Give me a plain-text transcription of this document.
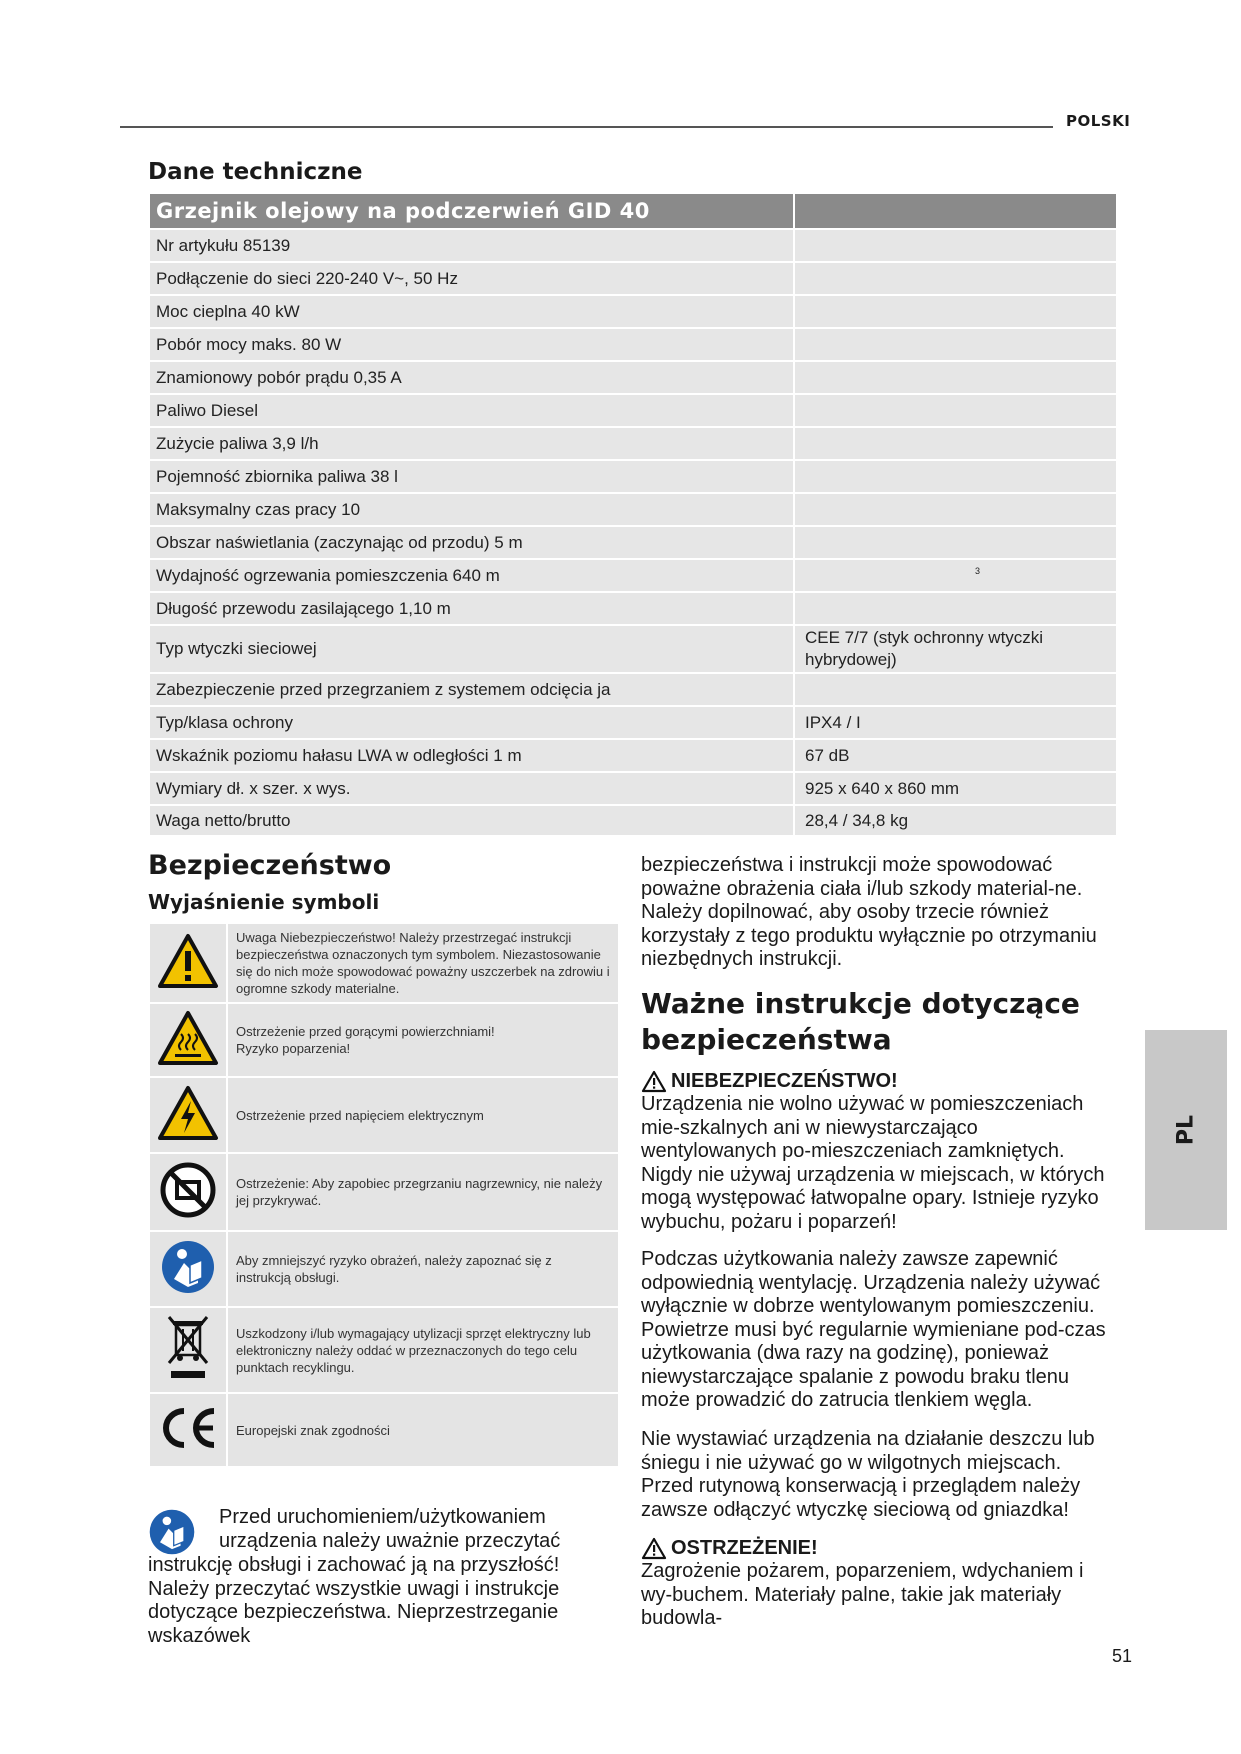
POLSKI
Dane techniczne
Grzejnik olejowy na podczerwień GID 40	
Nr artykułu 85139	
Podłączenie do sieci 220-240 V~, 50 Hz	
Moc cieplna 40 kW	
Pobór mocy maks. 80 W	
Znamionowy pobór prądu 0,35 A	
Paliwo Diesel	
Zużycie paliwa 3,9 l/h	
Pojemność zbiornika paliwa 38 l	
Maksymalny czas pracy 10	
Obszar naświetlania (zaczynając od przodu) 5 m	
Wydajność ogrzewania pomieszczenia 640 m	3
Długość przewodu zasilającego 1,10 m	
Typ wtyczki sieciowej	CEE 7/7 (styk ochronny wtyczki hybrydowej)
Zabezpieczenie przed przegrzaniem z systemem odcięcia ja	
Typ/klasa ochrony	IPX4 / I
Wskaźnik poziomu hałasu LWA w odległości 1 m	67 dB
Wymiary dł. x szer. x wys.	925 x 640 x 860 mm
Waga netto/brutto	28,4 / 34,8 kg
Bezpieczeństwo
Wyjaśnienie symboli
	Uwaga Niebezpieczeństwo! Należy przestrzegać instrukcji bezpieczeństwa oznaczonych tym symbolem. Niezastosowanie się do nich może spowodować poważny uszczerbek na zdrowiu i ogromne szkody materialne.
	Ostrzeżenie przed gorącymi powierzchniami!
Ryzyko poparzenia!
	Ostrzeżenie przed napięciem elektrycznym
	Ostrzeżenie: Aby zapobiec przegrzaniu nagrzewnicy, nie należy jej przykrywać.
	Aby zmniejszyć ryzyko obrażeń, należy zapoznać się z instrukcją obsługi.
	Uszkodzony i/lub wymagający utylizacji sprzęt elektryczny lub elektroniczny należy oddać w przeznaczonych do tego celu punktach recyklingu.
	Europejski znak zgodności
Przed uruchomieniem/użytkowaniem
urządzenia należy uważnie przeczytać
instrukcję obsługi i zachować ją na przyszłość! Należy przeczytać wszystkie uwagi i instrukcje dotyczące bezpieczeństwa. Nieprzestrzeganie wskazówek
bezpieczeństwa i instrukcji może spowodować poważne obrażenia ciała i/lub szkody material-ne. Należy dopilnować, aby osoby trzecie również korzystały z tego produktu wyłącznie po otrzymaniu niezbędnych instrukcji.
Ważne instrukcje dotyczące
bezpieczeństwa
NIEBEZPIECZEŃSTWO!
Urządzenia nie wolno używać w pomieszczeniach mie-szkalnych ani w niewystarczająco wentylowanych po-mieszczeniach zamkniętych. Nigdy nie używaj urządzenia w miejscach, w których mogą występować łatwopalne opary. Istnieje ryzyko wybuchu, pożaru i poparzeń!
Podczas użytkowania należy zawsze zapewnić odpowiednią wentylację. Urządzenia należy używać wyłącznie w dobrze wentylowanym pomieszczeniu. Powietrze musi być regularnie wymieniane pod-czas użytkowania (dwa razy na godzinę), ponieważ niewystarczające spalanie z powodu braku tlenu może prowadzić do zatrucia tlenkiem węgla.
Nie wystawiać urządzenia na działanie deszczu lub śniegu i nie używać go w wilgotnych miejscach. Przed rutynową konserwacją i przeglądem należy zawsze odłączyć wtyczkę sieciową od gniazdka!
OSTRZEŻENIE!
Zagrożenie pożarem, poparzeniem, wdychaniem i wy-buchem. Materiały palne, takie jak materiały budowla-
PL
51
